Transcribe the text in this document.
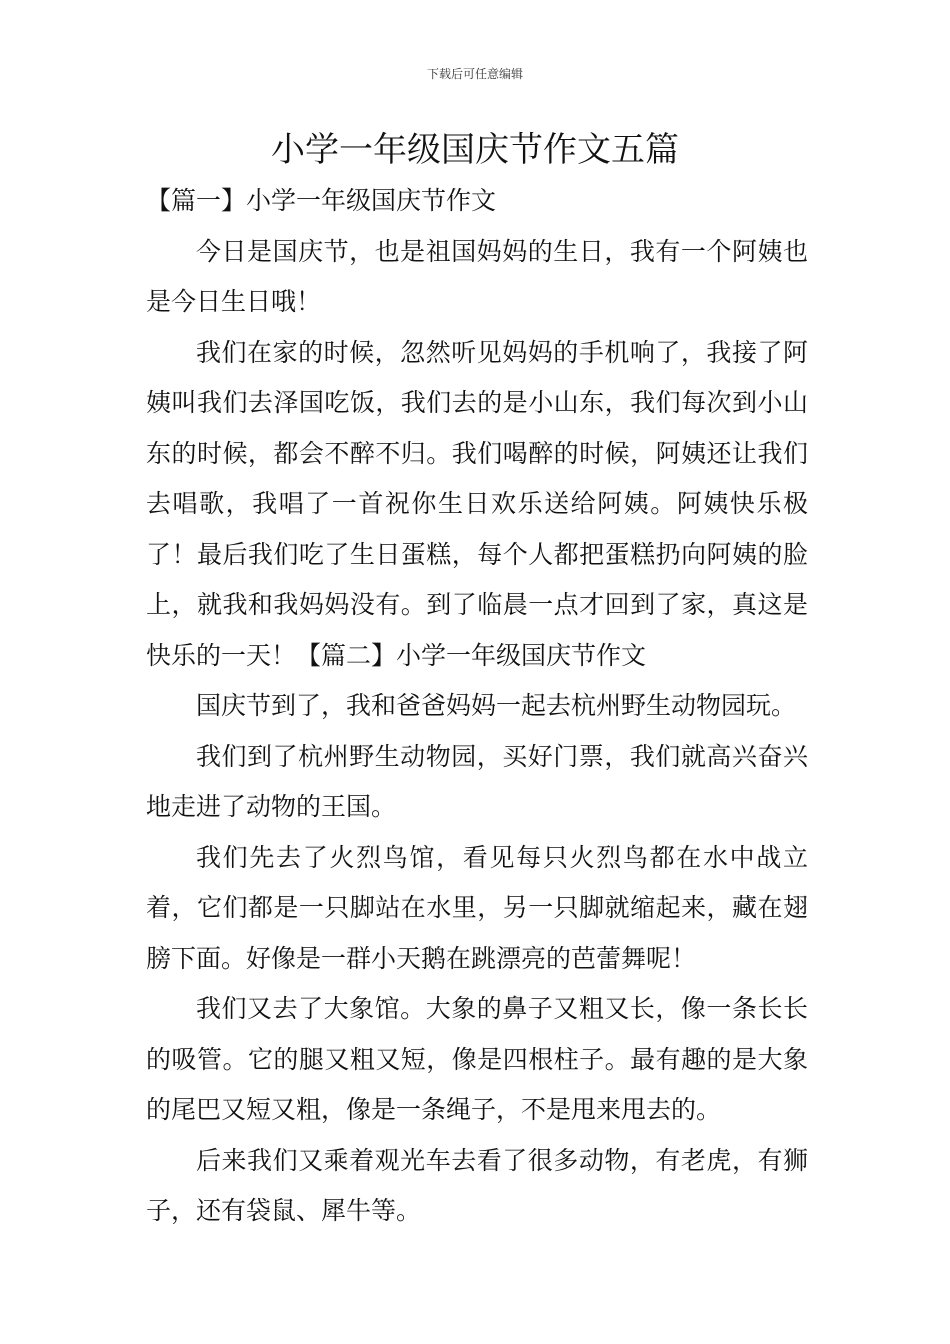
下载后可任意编辑
小学一年级国庆节作文五篇

【篇一】小学一年级国庆节作文

今日是国庆节，也是祖国妈妈的生日，我有一个阿姨也是今日生日哦！

我们在家的时候，忽然听见妈妈的手机响了，我接了阿姨叫我们去泽国吃饭，我们去的是小山东，我们每次到小山东的时候，都会不醉不归。我们喝醉的时候，阿姨还让我们去唱歌，我唱了一首祝你生日欢乐送给阿姨。阿姨快乐极了！最后我们吃了生日蛋糕，每个人都把蛋糕扔向阿姨的脸上，就我和我妈妈没有。到了临晨一点才回到了家，真这是快乐的一天！【篇二】小学一年级国庆节作文

国庆节到了，我和爸爸妈妈一起去杭州野生动物园玩。

我们到了杭州野生动物园，买好门票，我们就高兴奋兴地走进了动物的王国。

我们先去了火烈鸟馆，看见每只火烈鸟都在水中战立着，它们都是一只脚站在水里，另一只脚就缩起来，藏在翅膀下面。好像是一群小天鹅在跳漂亮的芭蕾舞呢！

我们又去了大象馆。大象的鼻子又粗又长，像一条长长的吸管。它的腿又粗又短，像是四根柱子。最有趣的是大象的尾巴又短又粗，像是一条绳子，不是甩来甩去的。

后来我们又乘着观光车去看了很多动物，有老虎，有狮子，还有袋鼠、犀牛等。
